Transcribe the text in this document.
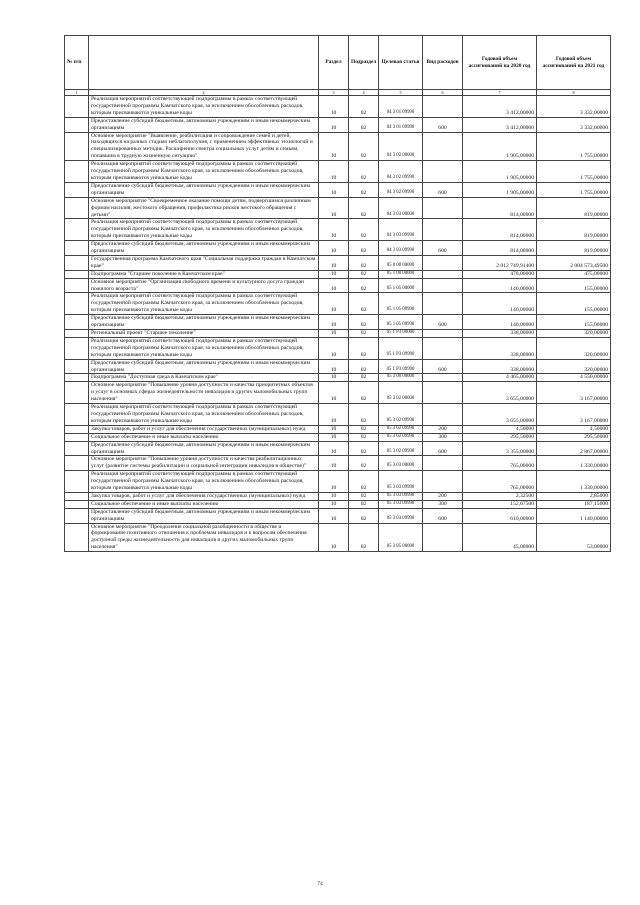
№ п/п		Раздел	Подраздел	Целевая статья	Вид расходов	Годовой объем ассигнований на 2020 год	Годовой объем ассигнований на 2021 год
1	2	3	4	5	6	7	8
	Реализация мероприятий соответствующей подпрограммы в рамках соответствующей государственной программы Камчатского края, за исключением обособленных расходов, которым присваиваются уникальные коды	10	02	04 3 01 09990		3 412,00000	3 332,00000
	Предоставление субсидий бюджетным, автономным учреждениям и иным некоммерческим организациям	10	02	04 3 01 09990	600	3 412,00000	3 332,00000
	Основное мероприятие "Выявление, реабилитация и сопровождение семей и детей, находящихся на разных стадиях неблагополучия, с применением эффективных технологий и специализированных методик. Расширение спектра социальных услуг детям и семьям, попавшим в трудную жизненную ситуацию"	10	02	04 3 02 00000		1 905,00000	1 755,00000
	Реализация мероприятий соответствующей подпрограммы в рамках соответствующей государственной программы Камчатского края, за исключением обособленных расходов, которым присваиваются уникальные коды	10	02	04 3 02 09990		1 905,00000	1 755,00000
	Предоставление субсидий бюджетным, автономным учреждениям и иным некоммерческим организациям	10	02	04 3 02 09990	600	1 905,00000	1 755,00000
	Основное мероприятие "Своевременное оказание помощи детям, подвергшимся различным формам насилия, жестокого обращения, профилактика рисков жестокого обращения с детьми"	10	02	04 3 03 00000		814,00000	819,00000
	Реализация мероприятий соответствующей подпрограммы в рамках соответствующей государственной программы Камчатского края, за исключением обособленных расходов, которым присваиваются уникальные коды	10	02	04 3 03 09990		814,00000	819,00000
	Предоставление субсидий бюджетным, автономным учреждениям и иным некоммерческим организациям	10	02	04 3 03 09990	600	814,00000	819,00000
	Государственная программа Камчатского края "Социальная поддержка граждан в Камчатском крае"	10	02	05 0 00 00000		2 012 749,91400	2 004 573,49500
	Подпрограмма "Старшее поколение в Камчатском крае"	10	02	05 1 00 00000		478,00000	475,00000
	Основное мероприятие "Организация свободного времени и культурного досуга граждан пожилого возраста"	10	02	05 1 05 00000		140,00000	155,00000
	Реализация мероприятий соответствующей подпрограммы в рамках соответствующей государственной программы Камчатского края, за исключением обособленных расходов, которым присваиваются уникальные коды	10	02	05 1 05 09990		140,00000	155,00000
	Предоставление субсидий бюджетным, автономным учреждениям и иным некоммерческим организациям	10	02	05 1 05 09990	600	140,00000	155,00000
	Региональный проект "Старшее поколение"	10	02	05 1 P3 00000		338,00000	320,00000
	Реализация мероприятий соответствующей подпрограммы в рамках соответствующей государственной программы Камчатского края, за исключением обособленных расходов, которым присваиваются уникальные коды	10	02	05 1 P3 09990		338,00000	320,00000
	Предоставление субсидий бюджетным, автономным учреждениям и иным некоммерческим организациям	10	02	05 1 P3 09990	600	338,00000	320,00000
	Подпрограмма "Доступная среда в Камчатском крае"	10	02	05 3 00 00000		4 465,00000	4 550,00000
	Основное мероприятие "Повышение уровня доступности и качества приоритетных объектов и услуг в основных сферах жизнедеятельности инвалидов и других маломобильных групп населения"	10	02	05 3 02 00000		3 655,00000	3 167,00000
	Реализация мероприятий соответствующей подпрограммы в рамках соответствующей государственной программы Камчатского края, за исключением обособленных расходов, которым присваиваются уникальные коды	10	02	05 3 02 09990		3 655,00000	3 167,00000
	Закупка товаров, работ и услуг для обеспечения государственных (муниципальных) нужд	10	02	05 3 02 09990	200	4,50000	4,50000
	Социальное обеспечение и иные выплаты населению	10	02	05 3 02 09990	300	295,50000	295,50000
	Предоставление субсидий бюджетным, автономным учреждениям и иным некоммерческим организациям	10	02	05 3 02 09990	600	3 355,00000	2 867,00000
	Основное мероприятие "Повышение уровня доступности и качества реабилитационных услуг (развитие системы реабилитации и социальной интеграции инвалидов в обществе)"	10	02	05 3 03 00000		765,00000	1 330,00000
	Реализация мероприятий соответствующей подпрограммы в рамках соответствующей государственной программы Камчатского края, за исключением обособленных расходов, которым присваиваются уникальные коды	10	02	05 3 03 09990		765,00000	1 330,00000
	Закупка товаров, работ и услуг для обеспечения государственных (муниципальных) нужд	10	02	05 3 03 09990	200	2,32500	2,85000
	Социальное обеспечение и иные выплаты населению	10	02	05 3 03 09990	300	152,67500	187,15000
	Предоставление субсидий бюджетным, автономным учреждениям и иным некоммерческим организациям	10	02	05 3 03 09990	600	610,00000	1 140,00000
	Основное мероприятие "Преодоление социальной разобщенности в обществе и формирование позитивного отношения к проблемам инвалидов и к вопросам обеспечения доступной среды жизнедеятельности для инвалидов и других маломобильных групп населения"	10	02	05 3 05 00000		45,00000	53,00000
74
